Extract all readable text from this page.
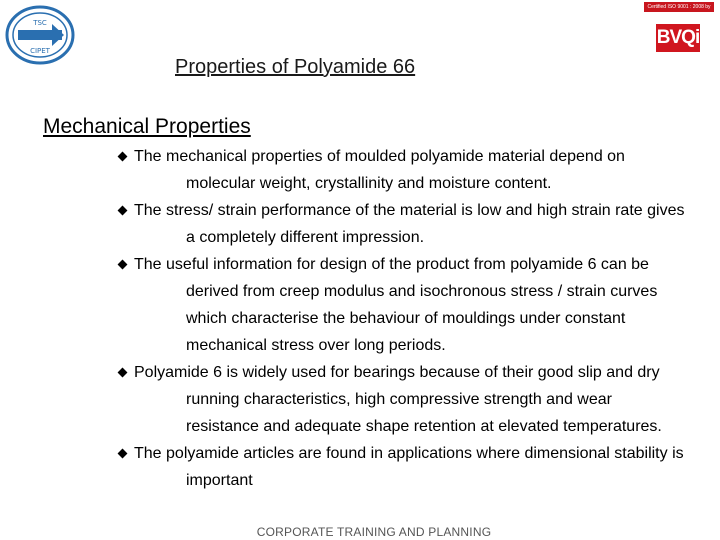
TSC
CIPET
Certified ISO 9001 : 2008 by
BVQi
Properties of Polyamide 66
Mechanical Properties
The mechanical properties of moulded polyamide material depend on molecular weight, crystallinity and moisture content.
The stress/ strain performance of the material is low and high strain rate gives a completely different impression.
The useful information for design of the product from polyamide 6 can be derived from creep modulus and isochronous stress / strain curves which characterise the behaviour of mouldings under constant mechanical stress over long periods.
Polyamide 6 is widely used for bearings because of their good slip and dry running characteristics, high compressive strength and wear resistance and adequate shape retention at elevated temperatures.
The polyamide articles are found in applications where dimensional stability is important
CORPORATE TRAINING AND PLANNING
